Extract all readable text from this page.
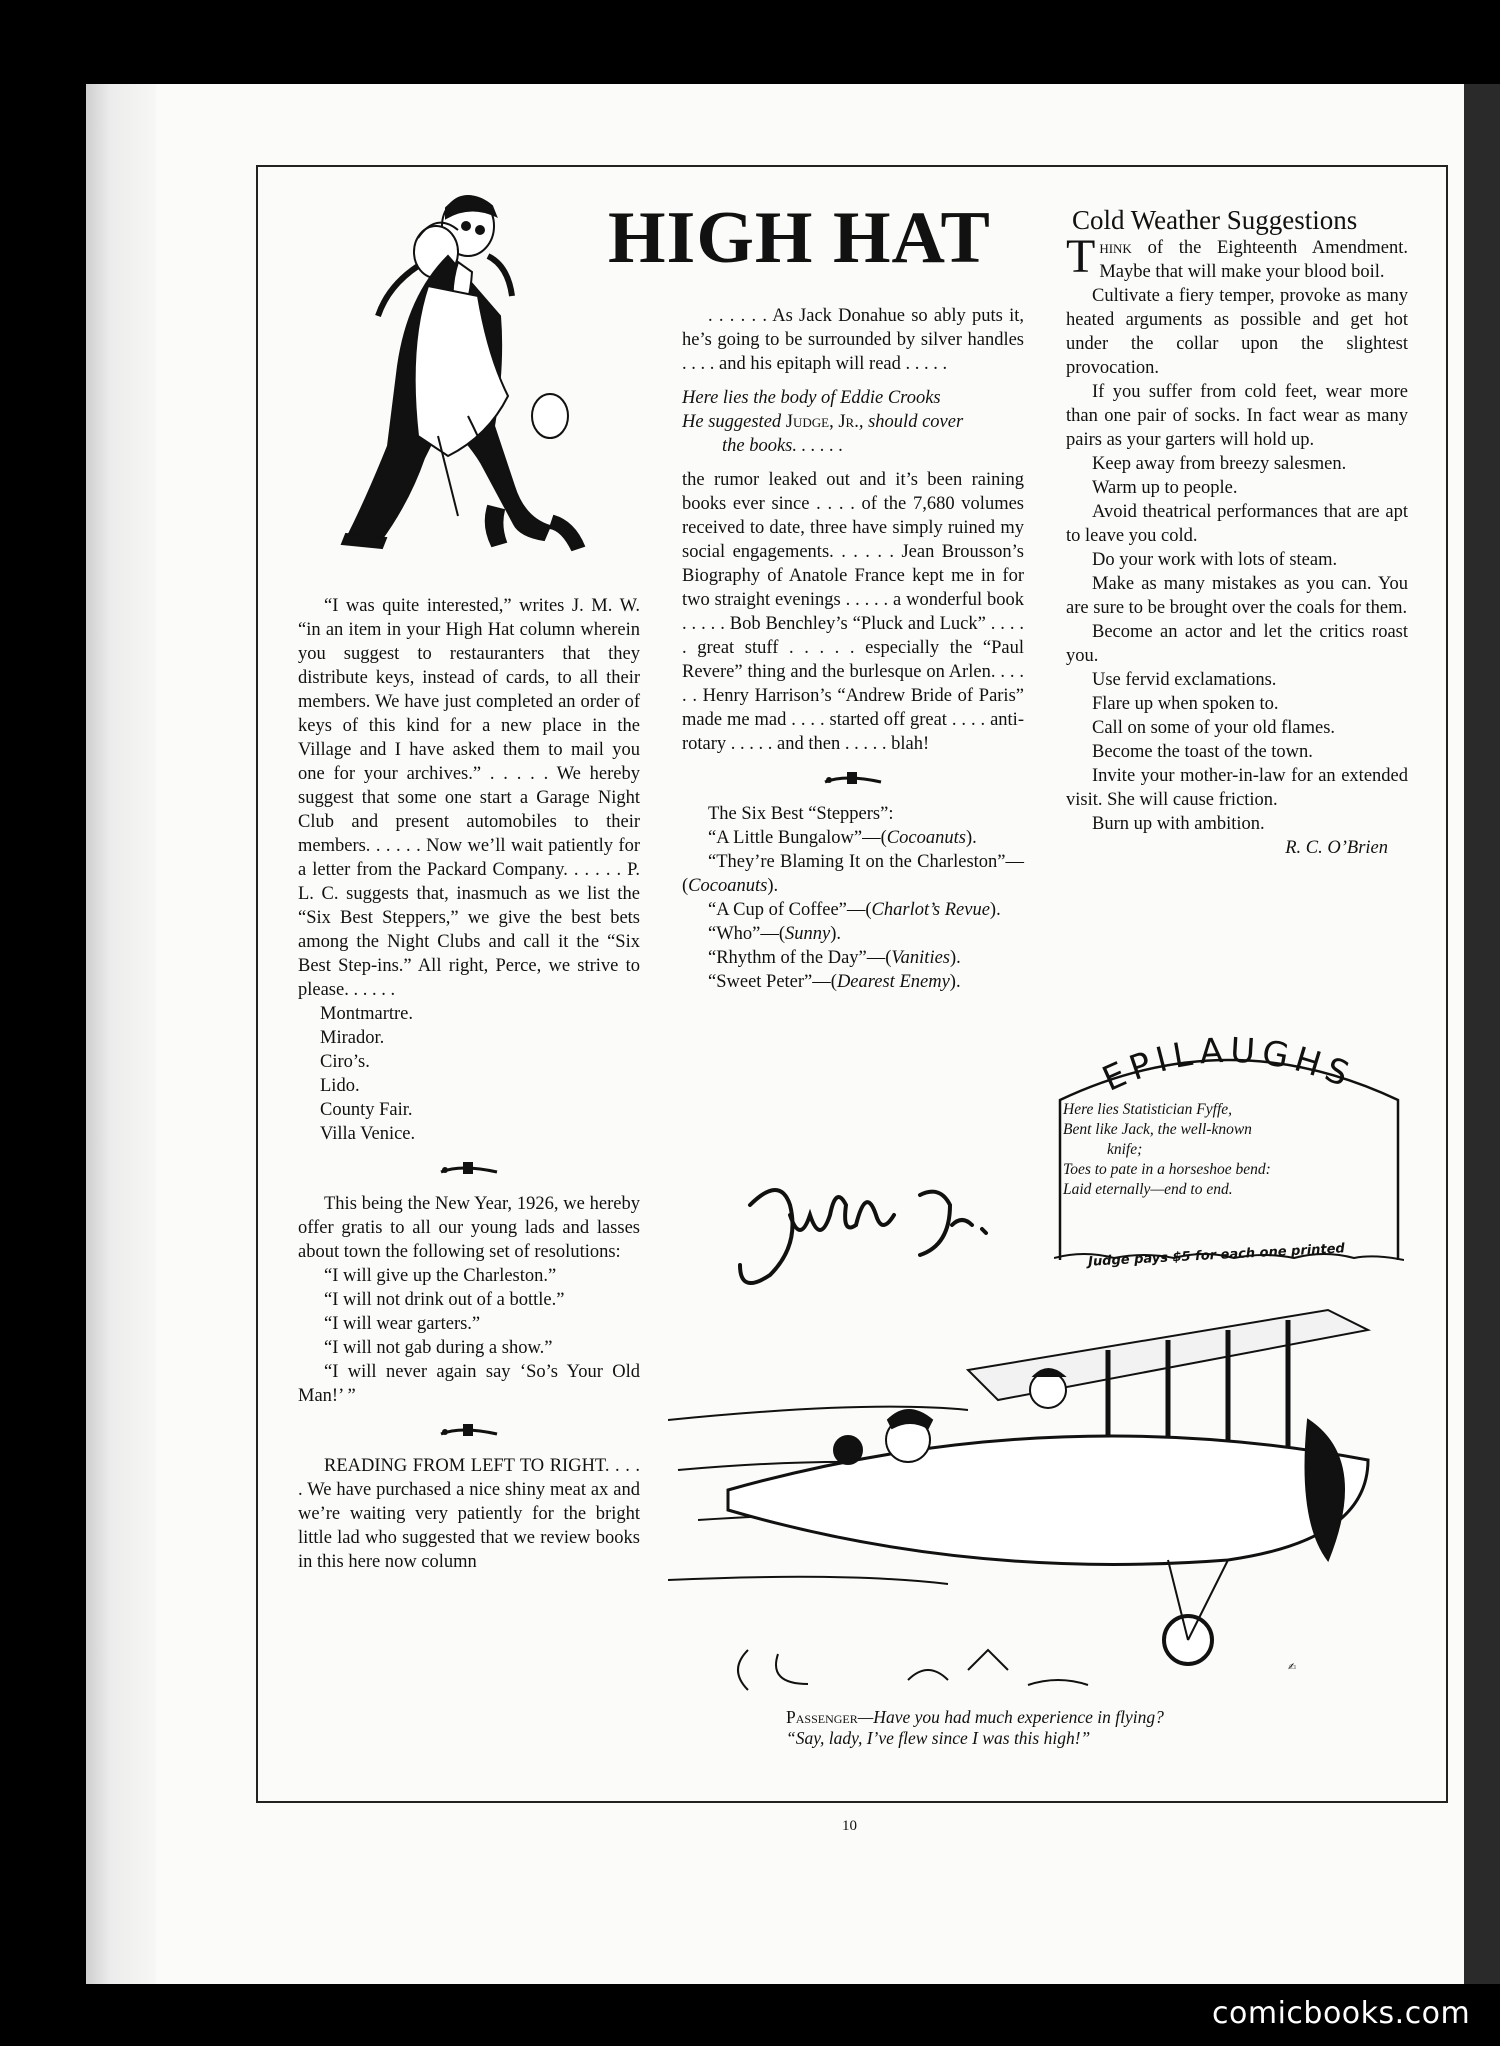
HIGH HAT

“I was quite interested,” writes J. M. W. “in an item in your High Hat column wherein you suggest to restauranters that they distribute keys, instead of cards, to all their members. We have just completed an order of keys of this kind for a new place in the Village and I have asked them to mail you one for your archives.” . . . . . We hereby suggest that some one start a Garage Night Club and present automobiles to their members. . . . . . Now we’ll wait patiently for a letter from the Packard Company. . . . . . P. L. C. suggests that, inasmuch as we list the “Six Best Steppers,” we give the best bets among the Night Clubs and call it the “Six Best Step-ins.” All right, Perce, we strive to please. . . . . .

Montmartre.
Mirador.
Ciro’s.
Lido.
County Fair.
Villa Venice.

This being the New Year, 1926, we hereby offer gratis to all our young lads and lasses about town the following set of resolutions:

“I will give up the Charleston.”

“I will not drink out of a bottle.”

“I will wear garters.”

“I will not gab during a show.”

“I will never again say ‘So’s Your Old Man!’ ”

READING FROM LEFT TO RIGHT. . . . . We have purchased a nice shiny meat ax and we’re waiting very patiently for the bright little lad who suggested that we review books in this here now column

. . . . . . As Jack Donahue so ably puts it, he’s going to be surrounded by silver handles . . . . and his epitaph will read . . . . .

Here lies the body of Eddie Crooks
He suggested Judge, Jr., should cover
the books. . . . . .

the rumor leaked out and it’s been raining books ever since . . . . of the 7,680 volumes received to date, three have simply ruined my social engagements. . . . . . Jean Brousson’s Biography of Anatole France kept me in for two straight evenings . . . . . a wonderful book . . . . . Bob Benchley’s “Pluck and Luck” . . . . . great stuff . . . . . especially the “Paul Revere” thing and the burlesque on Arlen. . . . . . Henry Harrison’s “Andrew Bride of Paris” made me mad . . . . started off great . . . . anti-rotary . . . . . and then . . . . . blah!

The Six Best “Steppers”:

“A Little Bungalow”—(Cocoanuts).

“They’re Blaming It on the Charleston”—(Cocoanuts).

“A Cup of Coffee”—(Charlot’s Revue).

“Who”—(Sunny).

“Rhythm of the Day”—(Vanities).

“Sweet Peter”—(Dearest Enemy).

Cold Weather Suggestions

Think of the Eighteenth Amendment. Maybe that will make your blood boil.

Cultivate a fiery temper, provoke as many heated arguments as possible and get hot under the collar upon the slightest provocation.

If you suffer from cold feet, wear more than one pair of socks. In fact wear as many pairs as your garters will hold up.

Keep away from breezy salesmen.

Warm up to people.

Avoid theatrical performances that are apt to leave you cold.

Do your work with lots of steam.

Make as many mistakes as you can. You are sure to be brought over the coals for them.

Become an actor and let the critics roast you.

Use fervid exclamations.

Flare up when spoken to.

Call on some of your old flames.

Become the toast of the town.

Invite your mother-in-law for an extended visit. She will cause friction.

Burn up with ambition.

R. C. O’Brien
EPILAUGHS
Here lies Statistician Fyffe,
Bent like Jack, the well-known
knife;
Toes to pate in a horseshoe bend:
Laid eternally—end to end.
Judge pays $5 for each one printed
✍
Passenger—Have you had much experience in flying?
“Say, lady, I’ve flew since I was this high!”
10
comicbooks.com
